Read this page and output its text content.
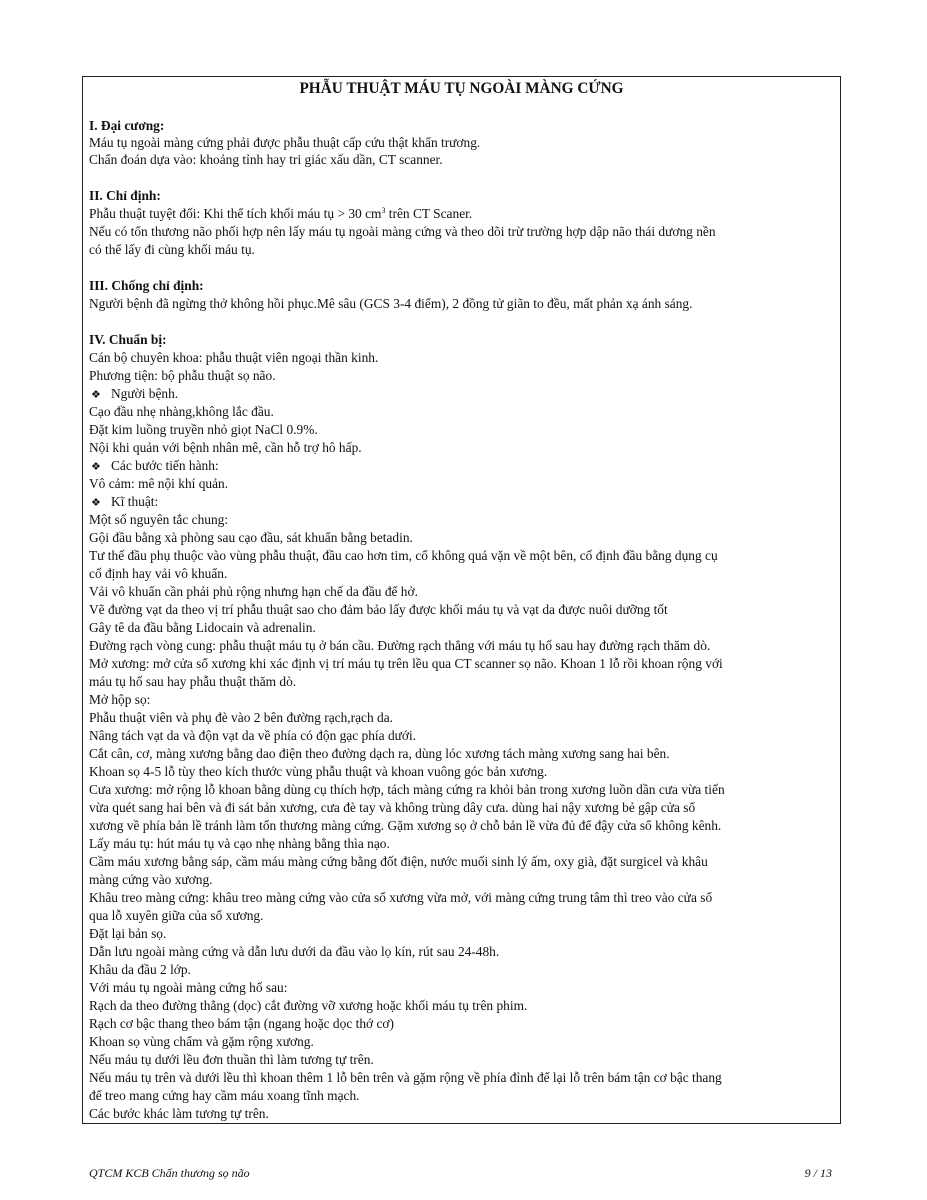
PHẪU THUẬT MÁU TỤ NGOÀI MÀNG CỨNG
I. Đại cương:
Máu tụ ngoài màng cứng phải được phẫu thuật cấp cứu thật khẩn trương.
Chẩn đoán dựa vào: khoảng tỉnh hay tri giác xấu dần, CT scanner.
II. Chỉ định:
Phẫu thuật tuyệt đối: Khi thể tích khối máu tụ > 30 $cm^3$ trên CT Scaner.
Nếu có tổn thương não phối hợp nên lấy máu tụ ngoài màng cứng và theo dõi trừ trường hợp dập não thái dương nền
có thể lấy đi cùng khối máu tụ.
III. Chống chỉ định:
Người bệnh đã ngừng thở không hồi phục.Mê sâu (GCS 3-4 điểm), 2 đồng tử giãn to đều, mất phản xạ ánh sáng.
IV. Chuẩn bị:
Cán bộ chuyên khoa: phẫu thuật viên ngoại thần kinh.
Phương tiện: bộ phẫu thuật sọ não.
❖ Người bệnh.
Cạo đầu nhẹ nhàng,không lắc đầu.
Đặt kim luồng truyền nhỏ giọt NaCl 0.9%.
Nội khi quản với bệnh nhân mê, cần hỗ trợ hô hấp.
❖ Các bước tiến hành:
Vô cảm: mê nội khí quản.
❖ Kĩ thuật:
Một số nguyên tắc chung:
Gội đầu bằng xà phòng sau cạo đầu, sát khuẩn bằng betadin.
Tư thế đầu phụ thuộc vào vùng phẫu thuật, đầu cao hơn tim, cổ không quá vặn về một bên, cố định đầu bằng dụng cụ
cố định hay vải vô khuẩn.
Vải vô khuẩn cần phải phủ rộng nhưng hạn chế da đầu để hở.
Vẽ đường vạt da theo vị trí phẫu thuật sao cho đảm bảo lấy được khối máu tụ và vạt da được nuôi dưỡng tốt
Gây tê da đầu bằng Lidocain và adrenalin.
Đường rạch vòng cung: phẫu thuật máu tụ ở bán cầu. Đường rạch thẳng với máu tụ hố sau hay đường rạch thăm dò.
Mở xương: mở cửa sổ xương khi xác định vị trí máu tụ trên lều qua CT scanner sọ não. Khoan 1 lỗ rồi khoan rộng với
máu tụ hố sau hay phẫu thuật thăm dò.
Mở hộp sọ:
Phẫu thuật viên và phụ đè vào 2 bên đường rạch,rạch da.
Nâng tách vạt da và độn vạt da về phía có độn gạc phía dưới.
Cắt cân, cơ, màng xương bằng dao điện theo đường dạch ra, dùng lóc xương tách màng xương sang hai bên.
Khoan sọ 4-5 lỗ tùy theo kích thước vùng phẫu thuật và khoan vuông góc bản xương.
Cưa xương: mở rộng lỗ khoan bằng dùng cụ thích hợp, tách màng cứng ra khỏi bản trong xương luồn dần cưa vừa tiến
vừa quét sang hai bên và đi sát bản xương, cưa đè tay và không trùng dây cưa. dùng hai nậy xương bẻ gập cửa sổ
xương về phía bản lề tránh làm tổn thương màng cứng. Gặm xương sọ ở chỗ bản lề vừa đủ để đậy cửa sổ không kênh.
Lấy máu tụ: hút máu tụ và cạo nhẹ nhàng bằng thìa nạo.
Cầm máu xương bằng sáp, cầm máu màng cứng bằng đốt điện, nước muối sinh lý ấm, oxy già, đặt surgicel và khâu
màng cứng vào xương.
Khâu treo màng cứng: khâu treo màng cứng vào cửa sổ xương vừa mở, với màng cứng trung tâm thì treo vào cửa sổ
qua lỗ xuyên giữa của sổ xương.
Đặt lại bản sọ.
Dẫn lưu ngoài màng cứng và dẫn lưu dưới da đầu vào lọ kín, rút sau 24-48h.
Khâu da đầu 2 lớp.
Với máu tụ ngoài màng cứng hố sau:
Rạch da theo đường thẳng (dọc) cắt đường vỡ xương hoặc khối máu tụ trên phim.
Rạch cơ bậc thang theo bám tận (ngang hoặc dọc thớ cơ)
Khoan sọ vùng chẩm và gặm rộng xương.
Nếu máu tụ dưới lều đơn thuần thì làm tương tự trên.
Nếu máu tụ trên và dưới lều thì khoan thêm 1 lỗ bên trên và gặm rộng về phía đỉnh để lại lỗ trên bám tận cơ bậc thang
để treo mang cứng hay cầm máu xoang tĩnh mạch.
Các bước khác làm tương tự trên.
QTCM KCB Chấn thương sọ não	9 / 13
